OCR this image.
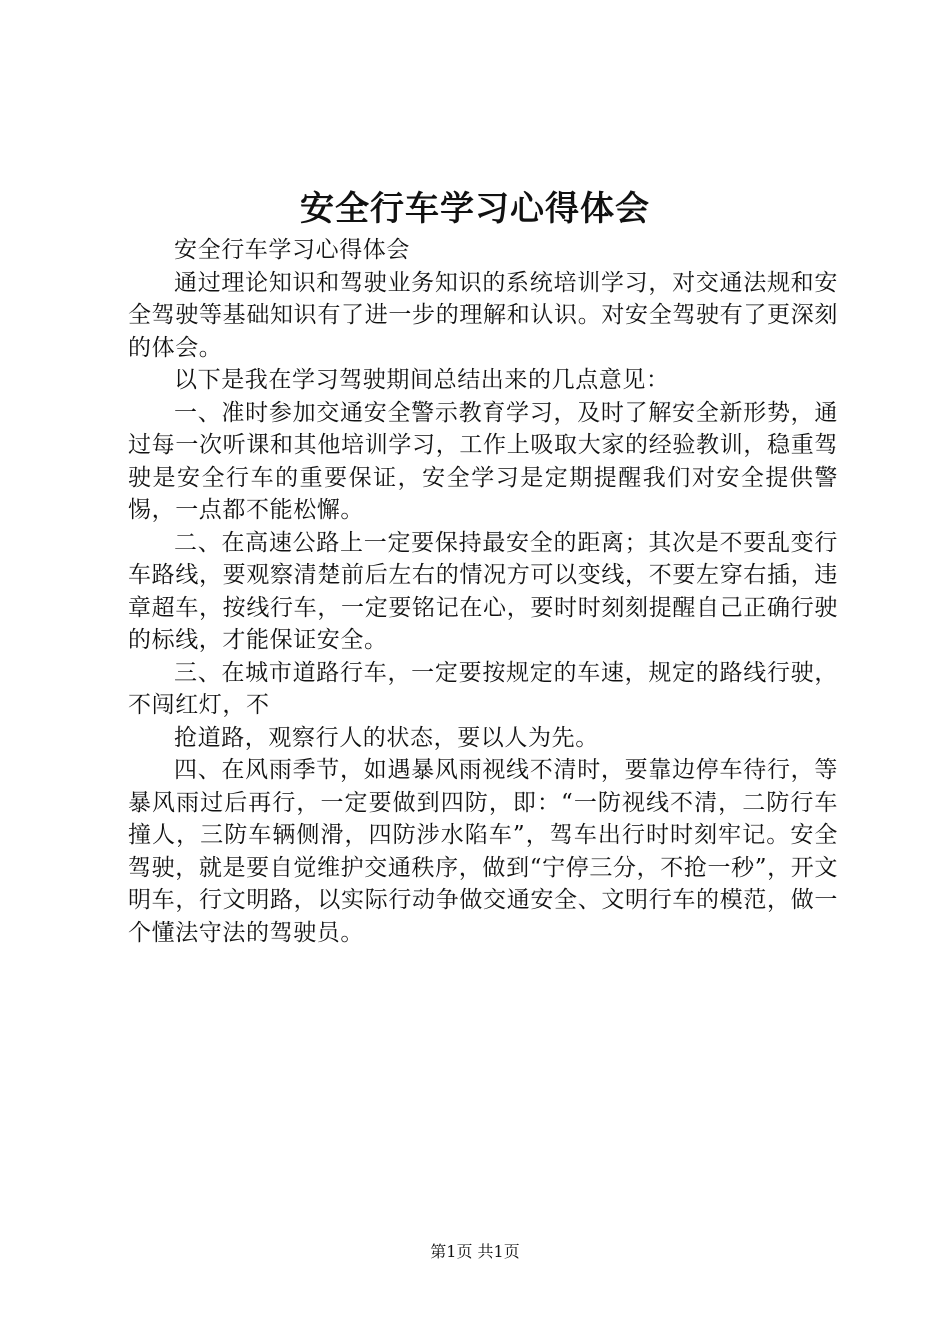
安全行车学习心得体会

安全行车学习心得体会

通过理论知识和驾驶业务知识的系统培训学习，对交通法规和安全驾驶等基础知识有了进一步的理解和认识。对安全驾驶有了更深刻的体会。

以下是我在学习驾驶期间总结出来的几点意见：

一、准时参加交通安全警示教育学习，及时了解安全新形势，通过每一次听课和其他培训学习，工作上吸取大家的经验教训，稳重驾驶是安全行车的重要保证，安全学习是定期提醒我们对安全提供警惕，一点都不能松懈。

二、在高速公路上一定要保持最安全的距离；其次是不要乱变行车路线，要观察清楚前后左右的情况方可以变线，不要左穿右插，违章超车，按线行车，一定要铭记在心，要时时刻刻提醒自己正确行驶的标线，才能保证安全。

三、在城市道路行车，一定要按规定的车速，规定的路线行驶，不闯红灯，不

抢道路，观察行人的状态，要以人为先。

四、在风雨季节，如遇暴风雨视线不清时，要靠边停车待行，等暴风雨过后再行，一定要做到四防，即：“一防视线不清，二防行车撞人，三防车辆侧滑，四防涉水陷车”，驾车出行时时刻牢记。安全驾驶，就是要自觉维护交通秩序，做到“宁停三分，不抢一秒”，开文明车，行文明路，以实际行动争做交通安全、文明行车的模范，做一个懂法守法的驾驶员。

第1页 共1页
